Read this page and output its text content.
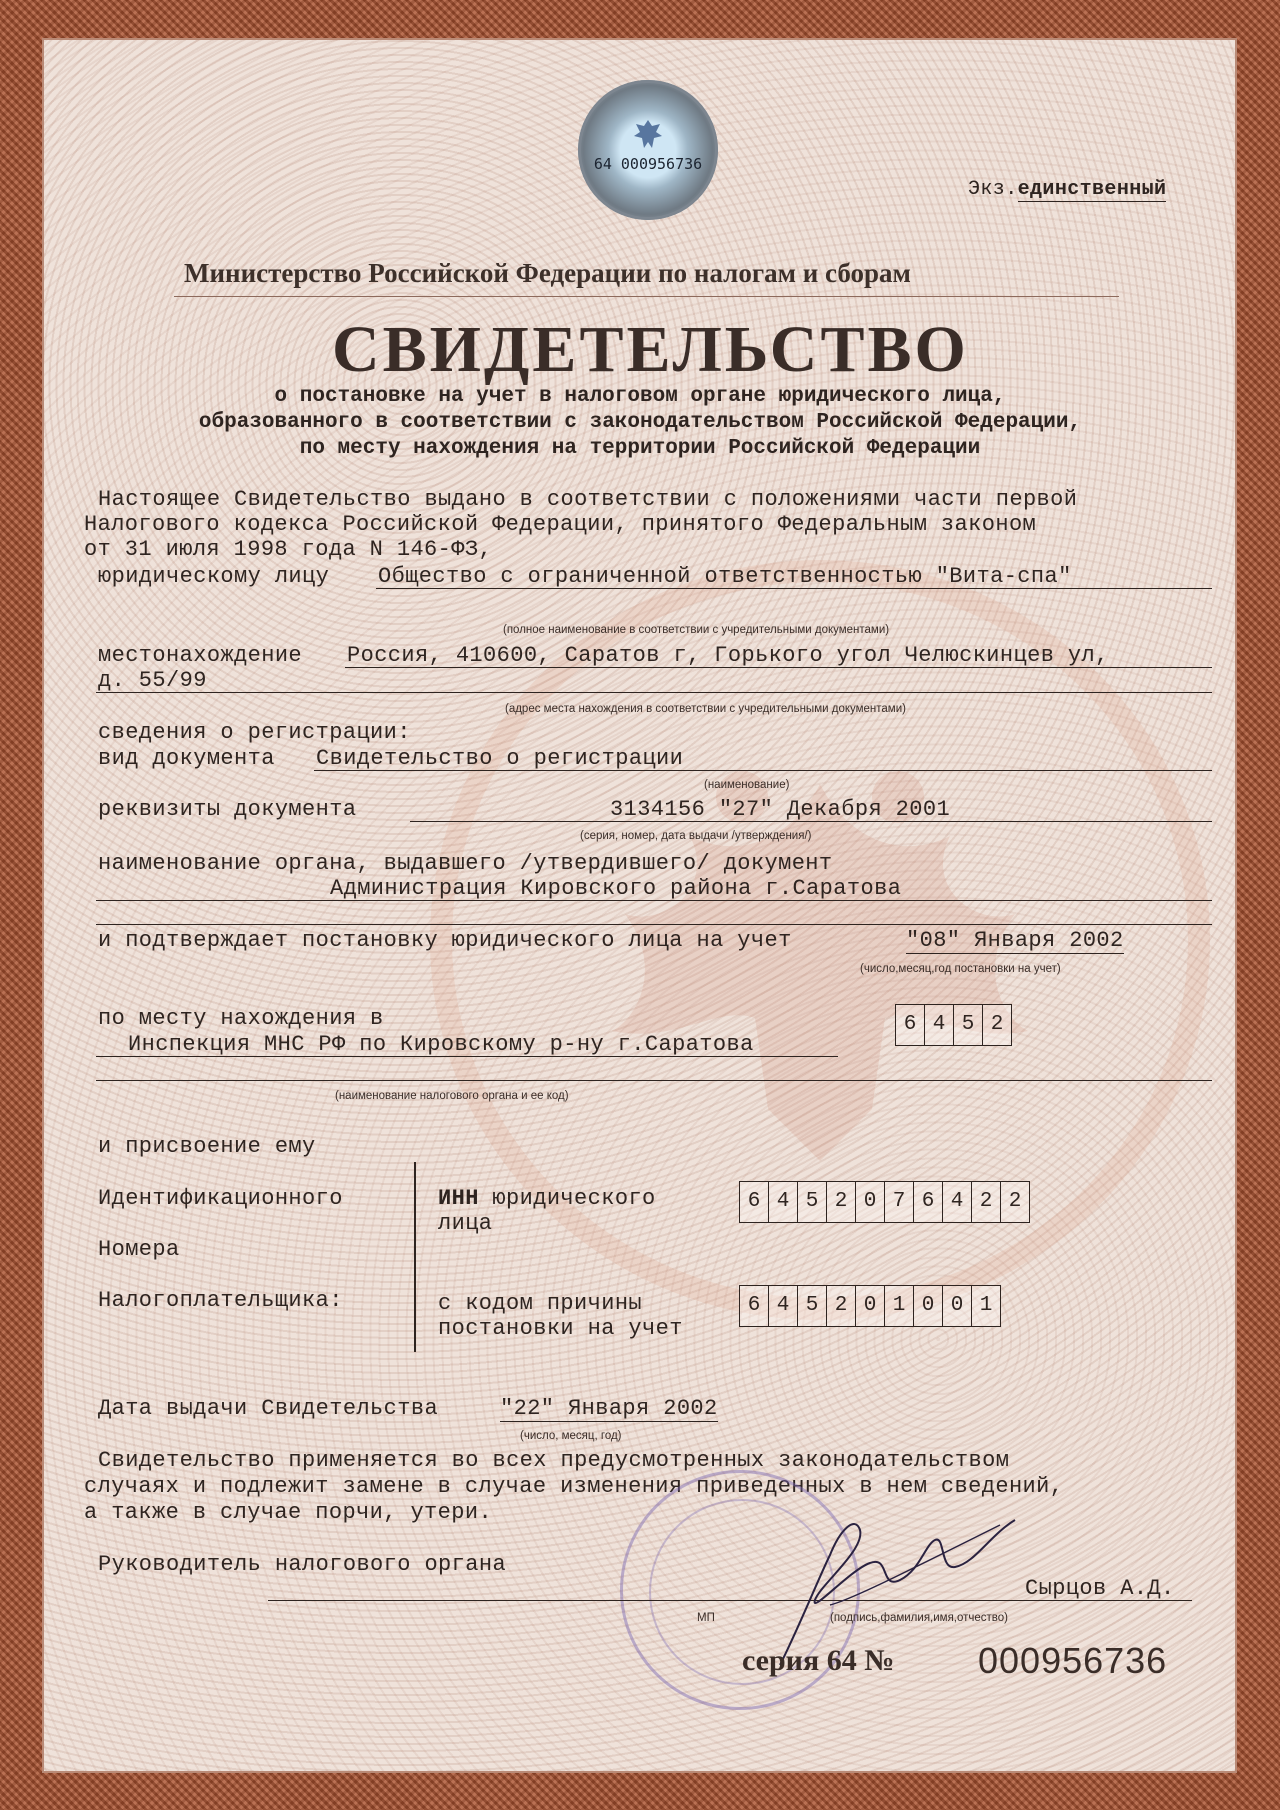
64 000956736
Экз.единственный
Министерство Российской Федерации по налогам и сборам
СВИДЕТЕЛЬСТВО
о постановке на учет в налоговом органе юридического лица,
образованного в соответствии с законодательством Российской Федерации,
по месту нахождения на территории Российской Федерации
Настоящее Свидетельство выдано в соответствии с положениями части первой
Налогового кодекса Российской Федерации, принятого Федеральным законом
от 31 июля 1998 года N 146-ФЗ,
юридическому лицу Общество с ограниченной ответственностью "Вита-спа"
(полное наименование в соответствии с учредительными документами)
местонахождение Россия, 410600, Саратов г, Горького угол Челюскинцев ул,
д. 55/99
(адрес места нахождения в соответствии с учредительными документами)
сведения о регистрации:
вид документа Свидетельство о регистрации
(наименование)
реквизиты документа	3134156 "27" Декабря 2001
(серия, номер, дата выдачи /утверждения/)
наименование органа, выдавшего /утвердившего/ документ
Администрация Кировского района г.Саратова
и подтверждает постановку юридического лица на учет	"08" Января 2002
(число,месяц,год постановки на учет)
по месту нахождения в	6 4 5 2
Инспекция МНС РФ по Кировскому р-ну г.Саратова
(наименование налогового органа и ее код)
и присвоение ему
Идентификационного
Номера
Налогоплательщика:
ИНН юридического
лица
6 4 5 2 0 7 6 4 2 2
с кодом причины
постановки на учет
6 4 5 2 0 1 0 0 1
Дата выдачи Свидетельства	"22" Января 2002
(число, месяц, год)
Свидетельство применяется во всех предусмотренных законодательством
случаях и подлежит замене в случае изменения приведенных в нем сведений,
а также в случае порчи, утери.
Руководитель налогового органа
Сырцов А.Д.
МП	(подпись,фамилия,имя,отчество)
серия 64 № 000956736
